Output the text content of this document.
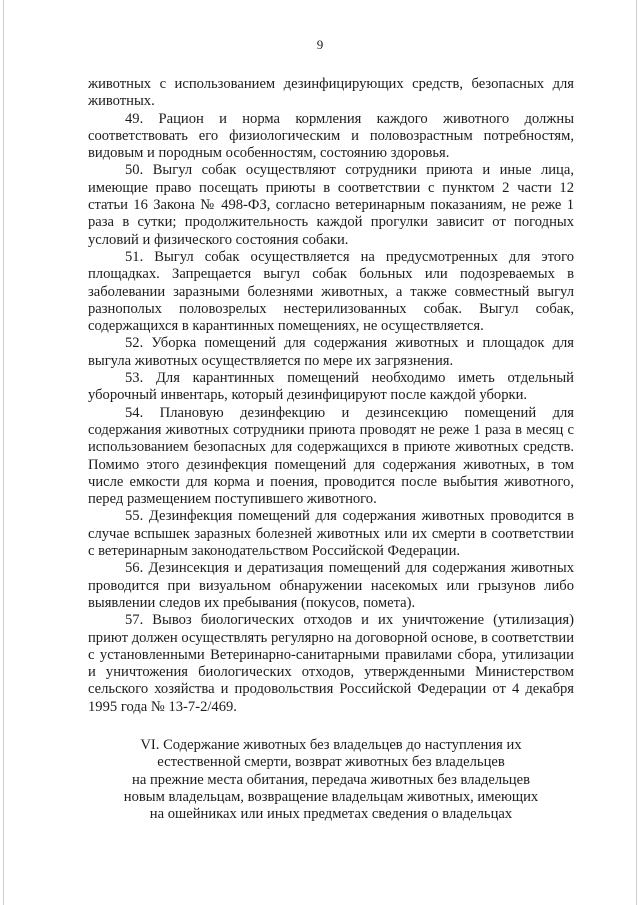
9

животных с использованием дезинфицирующих средств, безопасных для животных.

49. Рацион и норма кормления каждого животного должны соответствовать его физиологическим и половозрастным потребностям, видовым и породным особенностям, состоянию здоровья.

50. Выгул собак осуществляют сотрудники приюта и иные лица, имеющие право посещать приюты в соответствии с пунктом 2 части 12 статьи 16 Закона № 498-ФЗ, согласно ветеринарным показаниям, не реже 1 раза в сутки; продолжительность каждой прогулки зависит от погодных условий и физического состояния собаки.

51. Выгул собак осуществляется на предусмотренных для этого площадках. Запрещается выгул собак больных или подозреваемых в заболевании заразными болезнями животных, а также совместный выгул разнополых половозрелых нестерилизованных собак. Выгул собак, содержащихся в карантинных помещениях, не осуществляется.

52. Уборка помещений для содержания животных и площадок для выгула животных осуществляется по мере их загрязнения.

53. Для карантинных помещений необходимо иметь отдельный уборочный инвентарь, который дезинфицируют после каждой уборки.

54. Плановую дезинфекцию и дезинсекцию помещений для содержания животных сотрудники приюта проводят не реже 1 раза в месяц с использованием безопасных для содержащихся в приюте животных средств. Помимо этого дезинфекция помещений для содержания животных, в том числе емкости для корма и поения, проводится после выбытия животного, перед размещением поступившего животного.

55. Дезинфекция помещений для содержания животных проводится в случае вспышек заразных болезней животных или их смерти в соответствии с ветеринарным законодательством Российской Федерации.

56. Дезинсекция и дератизация помещений для содержания животных проводится при визуальном обнаружении насекомых или грызунов либо выявлении следов их пребывания (покусов, помета).

57. Вывоз биологических отходов и их уничтожение (утилизация) приют должен осуществлять регулярно на договорной основе, в соответствии с установленными Ветеринарно-санитарными правилами сбора, утилизации и уничтожения биологических отходов, утвержденными Министерством сельского хозяйства и продовольствия Российской Федерации от 4 декабря 1995 года № 13-7-2/469.

VI. Содержание животных без владельцев до наступления их
естественной смерти, возврат животных без владельцев
на прежние места обитания, передача животных без владельцев
новым владельцам, возвращение владельцам животных, имеющих
на ошейниках или иных предметах сведения о владельцах
